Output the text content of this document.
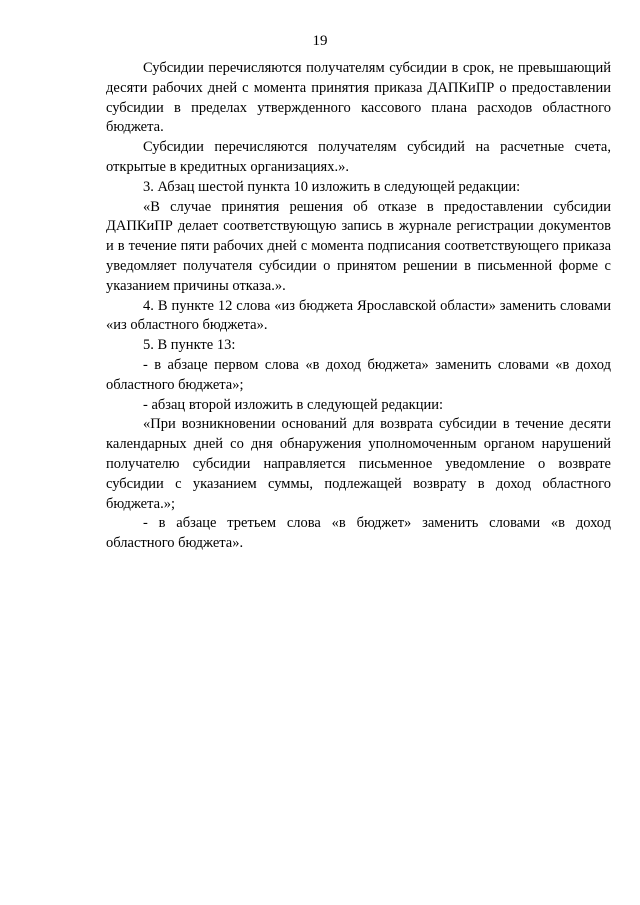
19

Субсидии перечисляются получателям субсидии в срок, не превышающий десяти рабочих дней с момента принятия приказа ДАПКиПР о предоставлении субсидии в пределах утвержденного кассового плана расходов областного бюджета.

Субсидии перечисляются получателям субсидий на расчетные счета, открытые в кредитных организациях.».

3. Абзац шестой пункта 10 изложить в следующей редакции:

«В случае принятия решения об отказе в предоставлении субсидии ДАПКиПР делает соответствующую запись в журнале регистрации документов и в течение пяти рабочих дней с момента подписания соответствующего приказа уведомляет получателя субсидии о принятом решении в письменной форме с указанием причины отказа.».

4. В пункте 12 слова «из бюджета Ярославской области» заменить словами «из областного бюджета».

5. В пункте 13:

- в абзаце первом слова «в доход бюджета» заменить словами «в доход областного бюджета»;

- абзац второй изложить в следующей редакции:

«При возникновении оснований для возврата субсидии в течение десяти календарных дней со дня обнаружения уполномоченным органом нарушений получателю субсидии направляется письменное уведомление о возврате субсидии с указанием суммы, подлежащей возврату в доход областного бюджета.»;

- в абзаце третьем слова «в бюджет» заменить словами «в доход областного бюджета».
